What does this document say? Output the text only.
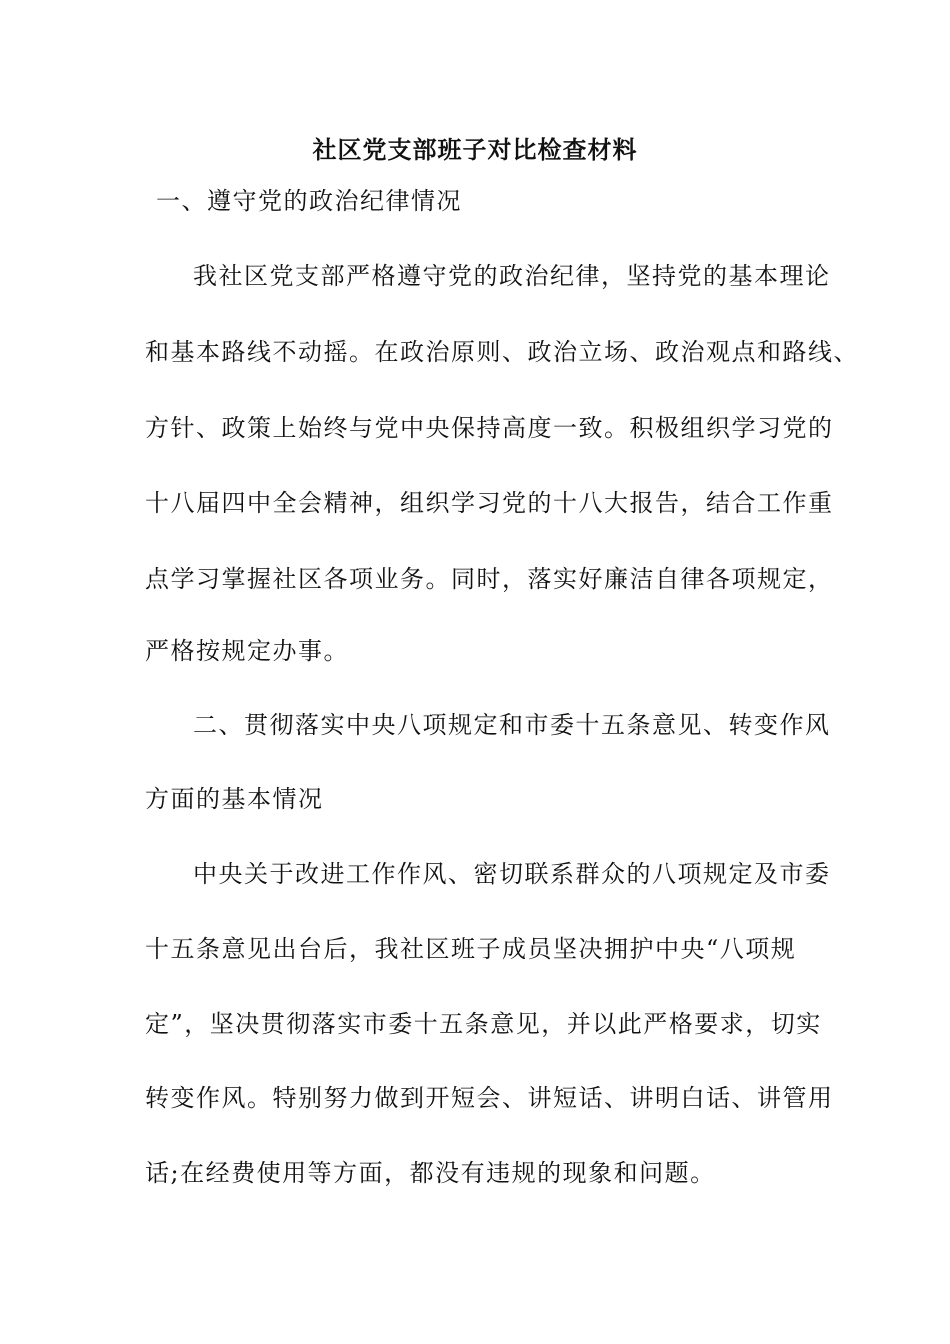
社区党支部班子对比检查材料
一、遵守党的政治纪律情况
我社区党支部严格遵守党的政治纪律，坚持党的基本理论
和基本路线不动摇。在政治原则、政治立场、政治观点和路线、
方针、政策上始终与党中央保持高度一致。积极组织学习党的
十八届四中全会精神，组织学习党的十八大报告，结合工作重
点学习掌握社区各项业务。同时，落实好廉洁自律各项规定，
严格按规定办事。
二、贯彻落实中央八项规定和市委十五条意见、转变作风
方面的基本情况
中央关于改进工作作风、密切联系群众的八项规定及市委
十五条意见出台后，我社区班子成员坚决拥护中央“八项规
定”，坚决贯彻落实市委十五条意见，并以此严格要求，切实
转变作风。特别努力做到开短会、讲短话、讲明白话、讲管用
话;在经费使用等方面，都没有违规的现象和问题。
